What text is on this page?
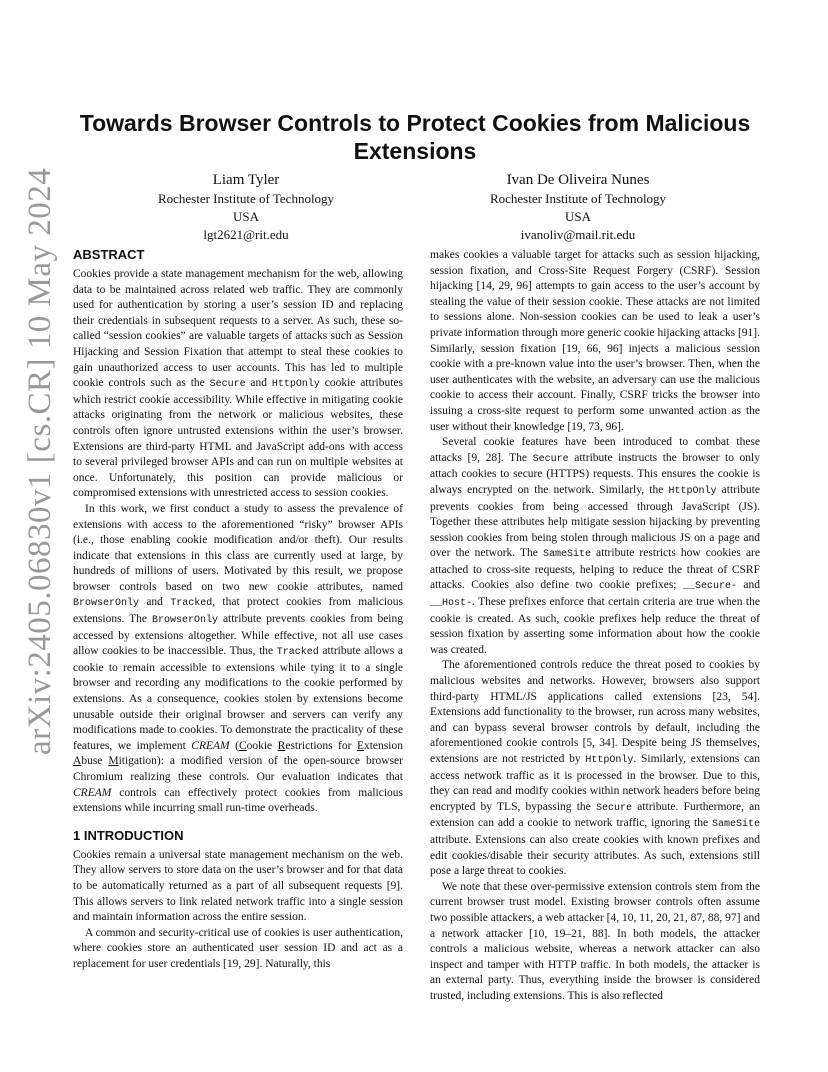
arXiv:2405.06830v1 [cs.CR] 10 May 2024
Towards Browser Controls to Protect Cookies from Malicious Extensions
Liam Tyler
Rochester Institute of Technology
USA
lgt2621@rit.edu
Ivan De Oliveira Nunes
Rochester Institute of Technology
USA
ivanoliv@mail.rit.edu
ABSTRACT

Cookies provide a state management mechanism for the web, allowing data to be maintained across related web traffic. They are commonly used for authentication by storing a user’s session ID and replacing their credentials in subsequent requests to a server. As such, these so-called “session cookies” are valuable targets of attacks such as Session Hijacking and Session Fixation that attempt to steal these cookies to gain unauthorized access to user accounts. This has led to multiple cookie controls such as the Secure and HttpOnly cookie attributes which restrict cookie accessibility. While effective in mitigating cookie attacks originating from the network or malicious websites, these controls often ignore untrusted extensions within the user’s browser. Extensions are third-party HTML and JavaScript add-ons with access to several privileged browser APIs and can run on multiple websites at once. Unfortunately, this position can provide malicious or compromised extensions with unrestricted access to session cookies.

In this work, we first conduct a study to assess the prevalence of extensions with access to the aforementioned “risky” browser APIs (i.e., those enabling cookie modification and/or theft). Our results indicate that extensions in this class are currently used at large, by hundreds of millions of users. Motivated by this result, we propose browser controls based on two new cookie attributes, named BrowserOnly and Tracked, that protect cookies from malicious extensions. The BrowserOnly attribute prevents cookies from being accessed by extensions altogether. While effective, not all use cases allow cookies to be inaccessible. Thus, the Tracked attribute allows a cookie to remain accessible to extensions while tying it to a single browser and recording any modifications to the cookie performed by extensions. As a consequence, cookies stolen by extensions become unusable outside their original browser and servers can verify any modifications made to cookies. To demonstrate the practicality of these features, we implement CREAM (Cookie Restrictions for Extension Abuse Mitigation): a modified version of the open-source browser Chromium realizing these controls. Our evaluation indicates that CREAM controls can effectively protect cookies from malicious extensions while incurring small run-time overheads.

1 INTRODUCTION

Cookies remain a universal state management mechanism on the web. They allow servers to store data on the user’s browser and for that data to be automatically returned as a part of all subsequent requests [9]. This allows servers to link related network traffic into a single session and maintain information across the entire session.

A common and security-critical use of cookies is user authentication, where cookies store an authenticated user session ID and act as a replacement for user credentials [19, 29]. Naturally, this

makes cookies a valuable target for attacks such as session hijacking, session fixation, and Cross-Site Request Forgery (CSRF). Session hijacking [14, 29, 96] attempts to gain access to the user’s account by stealing the value of their session cookie. These attacks are not limited to sessions alone. Non-session cookies can be used to leak a user’s private information through more generic cookie hijacking attacks [91]. Similarly, session fixation [19, 66, 96] injects a malicious session cookie with a pre-known value into the user’s browser. Then, when the user authenticates with the website, an adversary can use the malicious cookie to access their account. Finally, CSRF tricks the browser into issuing a cross-site request to perform some unwanted action as the user without their knowledge [19, 73, 96].

Several cookie features have been introduced to combat these attacks [9, 28]. The Secure attribute instructs the browser to only attach cookies to secure (HTTPS) requests. This ensures the cookie is always encrypted on the network. Similarly, the HttpOnly attribute prevents cookies from being accessed through JavaScript (JS). Together these attributes help mitigate session hijacking by preventing session cookies from being stolen through malicious JS on a page and over the network. The SameSite attribute restricts how cookies are attached to cross-site requests, helping to reduce the threat of CSRF attacks. Cookies also define two cookie prefixes; __Secure- and __Host-. These prefixes enforce that certain criteria are true when the cookie is created. As such, cookie prefixes help reduce the threat of session fixation by asserting some information about how the cookie was created.

The aforementioned controls reduce the threat posed to cookies by malicious websites and networks. However, browsers also support third-party HTML/JS applications called extensions [23, 54]. Extensions add functionality to the browser, run across many websites, and can bypass several browser controls by default, including the aforementioned cookie controls [5, 34]. Despite being JS themselves, extensions are not restricted by HttpOnly. Similarly, extensions can access network traffic as it is processed in the browser. Due to this, they can read and modify cookies within network headers before being encrypted by TLS, bypassing the Secure attribute. Furthermore, an extension can add a cookie to network traffic, ignoring the SameSite attribute. Extensions can also create cookies with known prefixes and edit cookies/disable their security attributes. As such, extensions still pose a large threat to cookies.

We note that these over-permissive extension controls stem from the current browser trust model. Existing browser controls often assume two possible attackers, a web attacker [4, 10, 11, 20, 21, 87, 88, 97] and a network attacker [10, 19–21, 88]. In both models, the attacker controls a malicious website, whereas a network attacker can also inspect and tamper with HTTP traffic. In both models, the attacker is an external party. Thus, everything inside the browser is considered trusted, including extensions. This is also reflected
